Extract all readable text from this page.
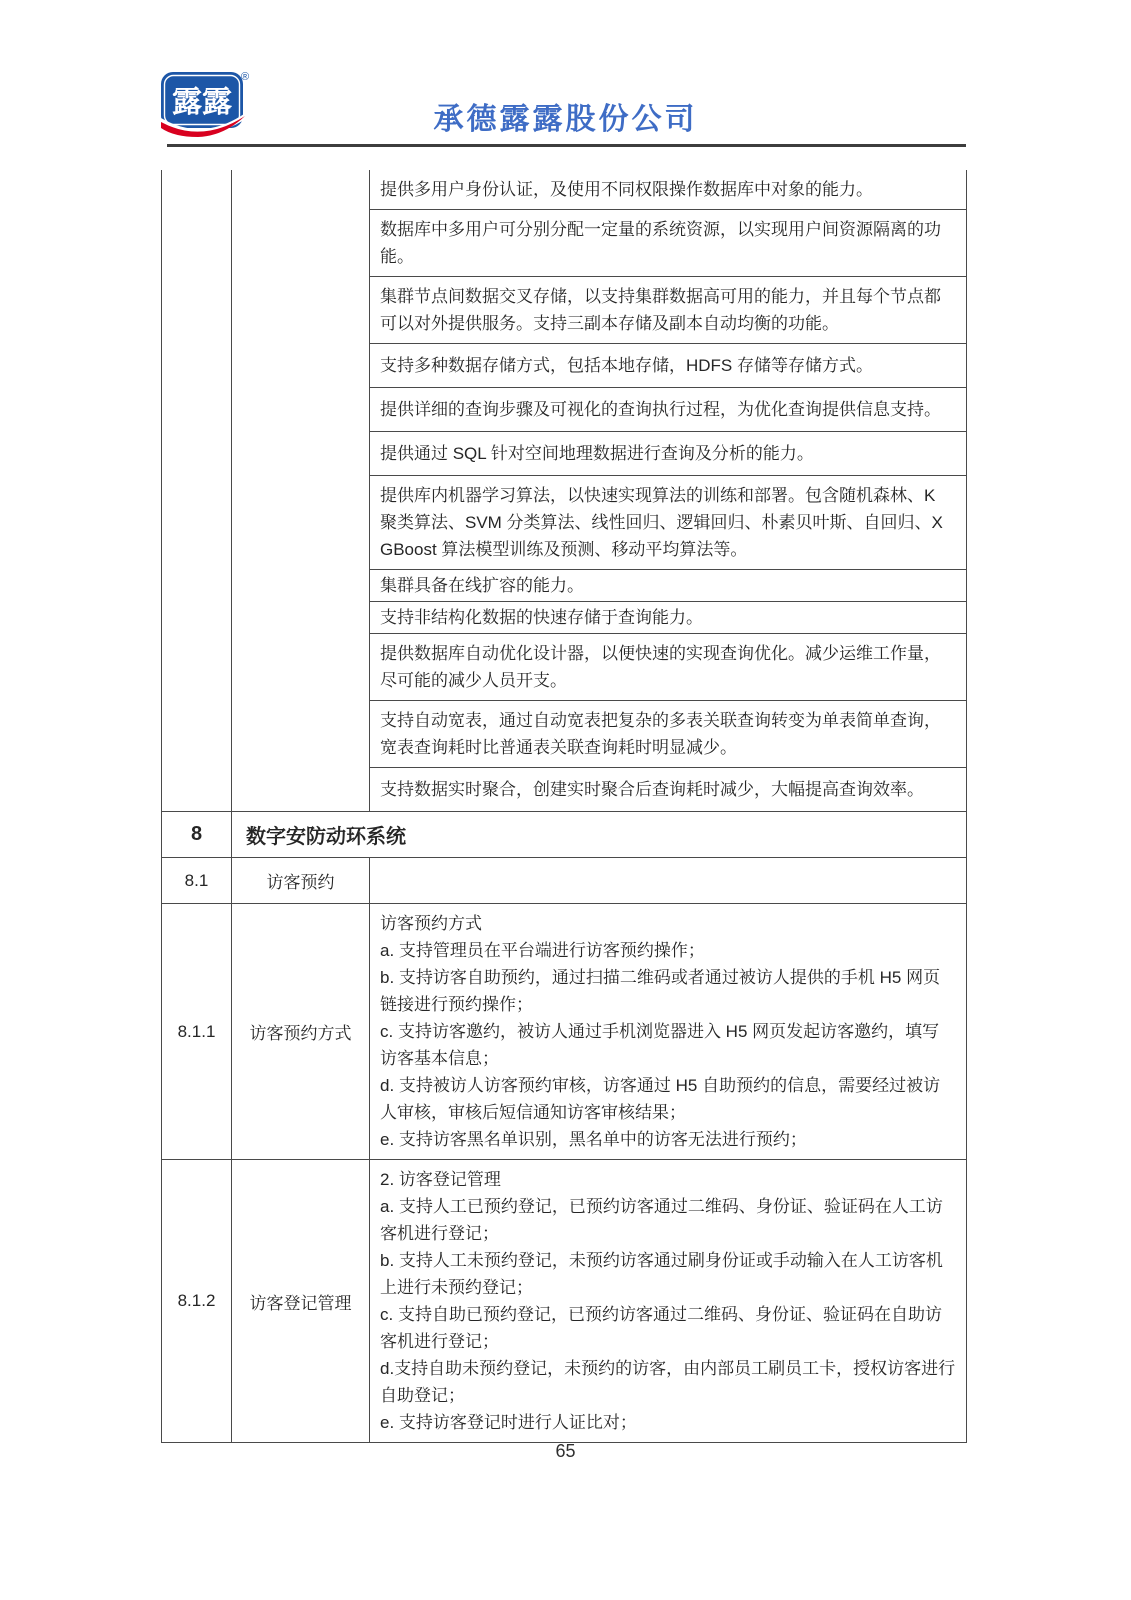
露露
®
承德露露股份公司
		提供多用户身份认证，及使用不同权限操作数据库中对象的能力。
		数据库中多用户可分别分配一定量的系统资源，以实现用户间资源隔离的功能。
		集群节点间数据交叉存储，以支持集群数据高可用的能力，并且每个节点都可以对外提供服务。支持三副本存储及副本自动均衡的功能。
		支持多种数据存储方式，包括本地存储，HDFS 存储等存储方式。
		提供详细的查询步骤及可视化的查询执行过程，为优化查询提供信息支持。
		提供通过 SQL 针对空间地理数据进行查询及分析的能力。
		提供库内机器学习算法，以快速实现算法的训练和部署。包含随机森林、K 聚类算法、SVM 分类算法、线性回归、逻辑回归、朴素贝叶斯、自回归、XGBoost 算法模型训练及预测、移动平均算法等。
		集群具备在线扩容的能力。
		支持非结构化数据的快速存储于查询能力。
		提供数据库自动优化设计器，以便快速的实现查询优化。减少运维工作量，尽可能的减少人员开支。
		支持自动宽表，通过自动宽表把复杂的多表关联查询转变为单表简单查询，宽表查询耗时比普通表关联查询耗时明显减少。
		支持数据实时聚合，创建实时聚合后查询耗时减少，大幅提高查询效率。
8	数字安防动环系统	
8.1	访客预约	
8.1.1	访客预约方式	
访客预约方式
a. 支持管理员在平台端进行访客预约操作；
b. 支持访客自助预约，通过扫描二维码或者通过被访人提供的手机 H5 网页链接进行预约操作；
c. 支持访客邀约，被访人通过手机浏览器进入 H5 网页发起访客邀约，填写访客基本信息；
d. 支持被访人访客预约审核，访客通过 H5 自助预约的信息，需要经过被访人审核，审核后短信通知访客审核结果；
e. 支持访客黑名单识别，黑名单中的访客无法进行预约；

8.1.2	访客登记管理	
2. 访客登记管理
a. 支持人工已预约登记，已预约访客通过二维码、身份证、验证码在人工访客机进行登记；
b. 支持人工未预约登记，未预约访客通过刷身份证或手动输入在人工访客机上进行未预约登记；
c. 支持自助已预约登记，已预约访客通过二维码、身份证、验证码在自助访客机进行登记；
d.支持自助未预约登记，未预约的访客，由内部员工刷员工卡，授权访客进行自助登记；
e. 支持访客登记时进行人证比对；
65
